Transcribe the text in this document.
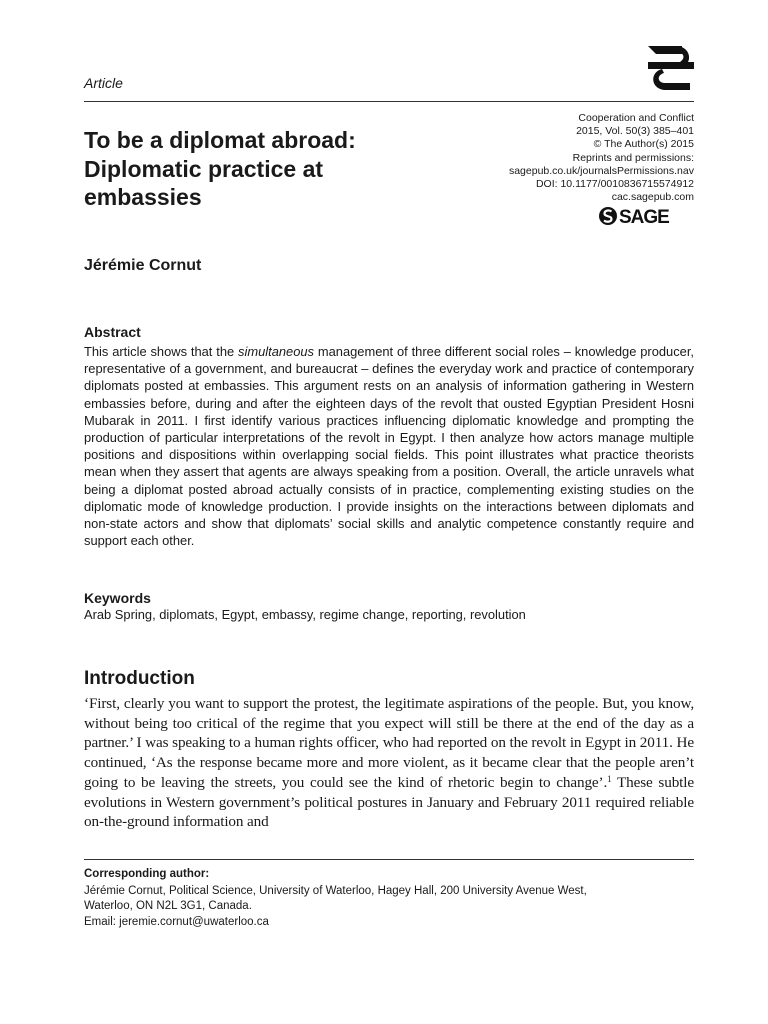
Article
To be a diplomat abroad:
Diplomatic practice at
embassies
Cooperation and Conflict
2015, Vol. 50(3) 385–401
© The Author(s) 2015
Reprints and permissions:
sagepub.co.uk/journalsPermissions.nav
DOI: 10.1177/0010836715574912
cac.sagepub.com
SAGE
Jérémie Cornut
Abstract

This article shows that the simultaneous management of three different social roles – knowledge producer, representative of a government, and bureaucrat – defines the everyday work and practice of contemporary diplomats posted at embassies. This argument rests on an analysis of information gathering in Western embassies before, during and after the eighteen days of the revolt that ousted Egyptian President Hosni Mubarak in 2011. I first identify various practices influencing diplomatic knowledge and prompting the production of particular interpretations of the revolt in Egypt. I then analyze how actors manage multiple positions and dispositions within overlapping social fields. This point illustrates what practice theorists mean when they assert that agents are always speaking from a position. Overall, the article unravels what being a diplomat posted abroad actually consists of in practice, complementing existing studies on the diplomatic mode of knowledge production. I provide insights on the interactions between diplomats and non-state actors and show that diplomats’ social skills and analytic competence constantly require and support each other.

Keywords
Arab Spring, diplomats, Egypt, embassy, regime change, reporting, revolution
Introduction

‘First, clearly you want to support the protest, the legitimate aspirations of the people. But, you know, without being too critical of the regime that you expect will still be there at the end of the day as a partner.’ I was speaking to a human rights officer, who had reported on the revolt in Egypt in 2011. He continued, ‘As the response became more and more violent, as it became clear that the people aren’t going to be leaving the streets, you could see the kind of rhetoric begin to change’.$^1$ These subtle evolutions in Western government’s political postures in January and February 2011 required reliable on-the-ground information and

Corresponding author:

Jérémie Cornut, Political Science, University of Waterloo, Hagey Hall, 200 University Avenue West,
Waterloo, ON N2L 3G1, Canada.
Email: jeremie.cornut@uwaterloo.ca
